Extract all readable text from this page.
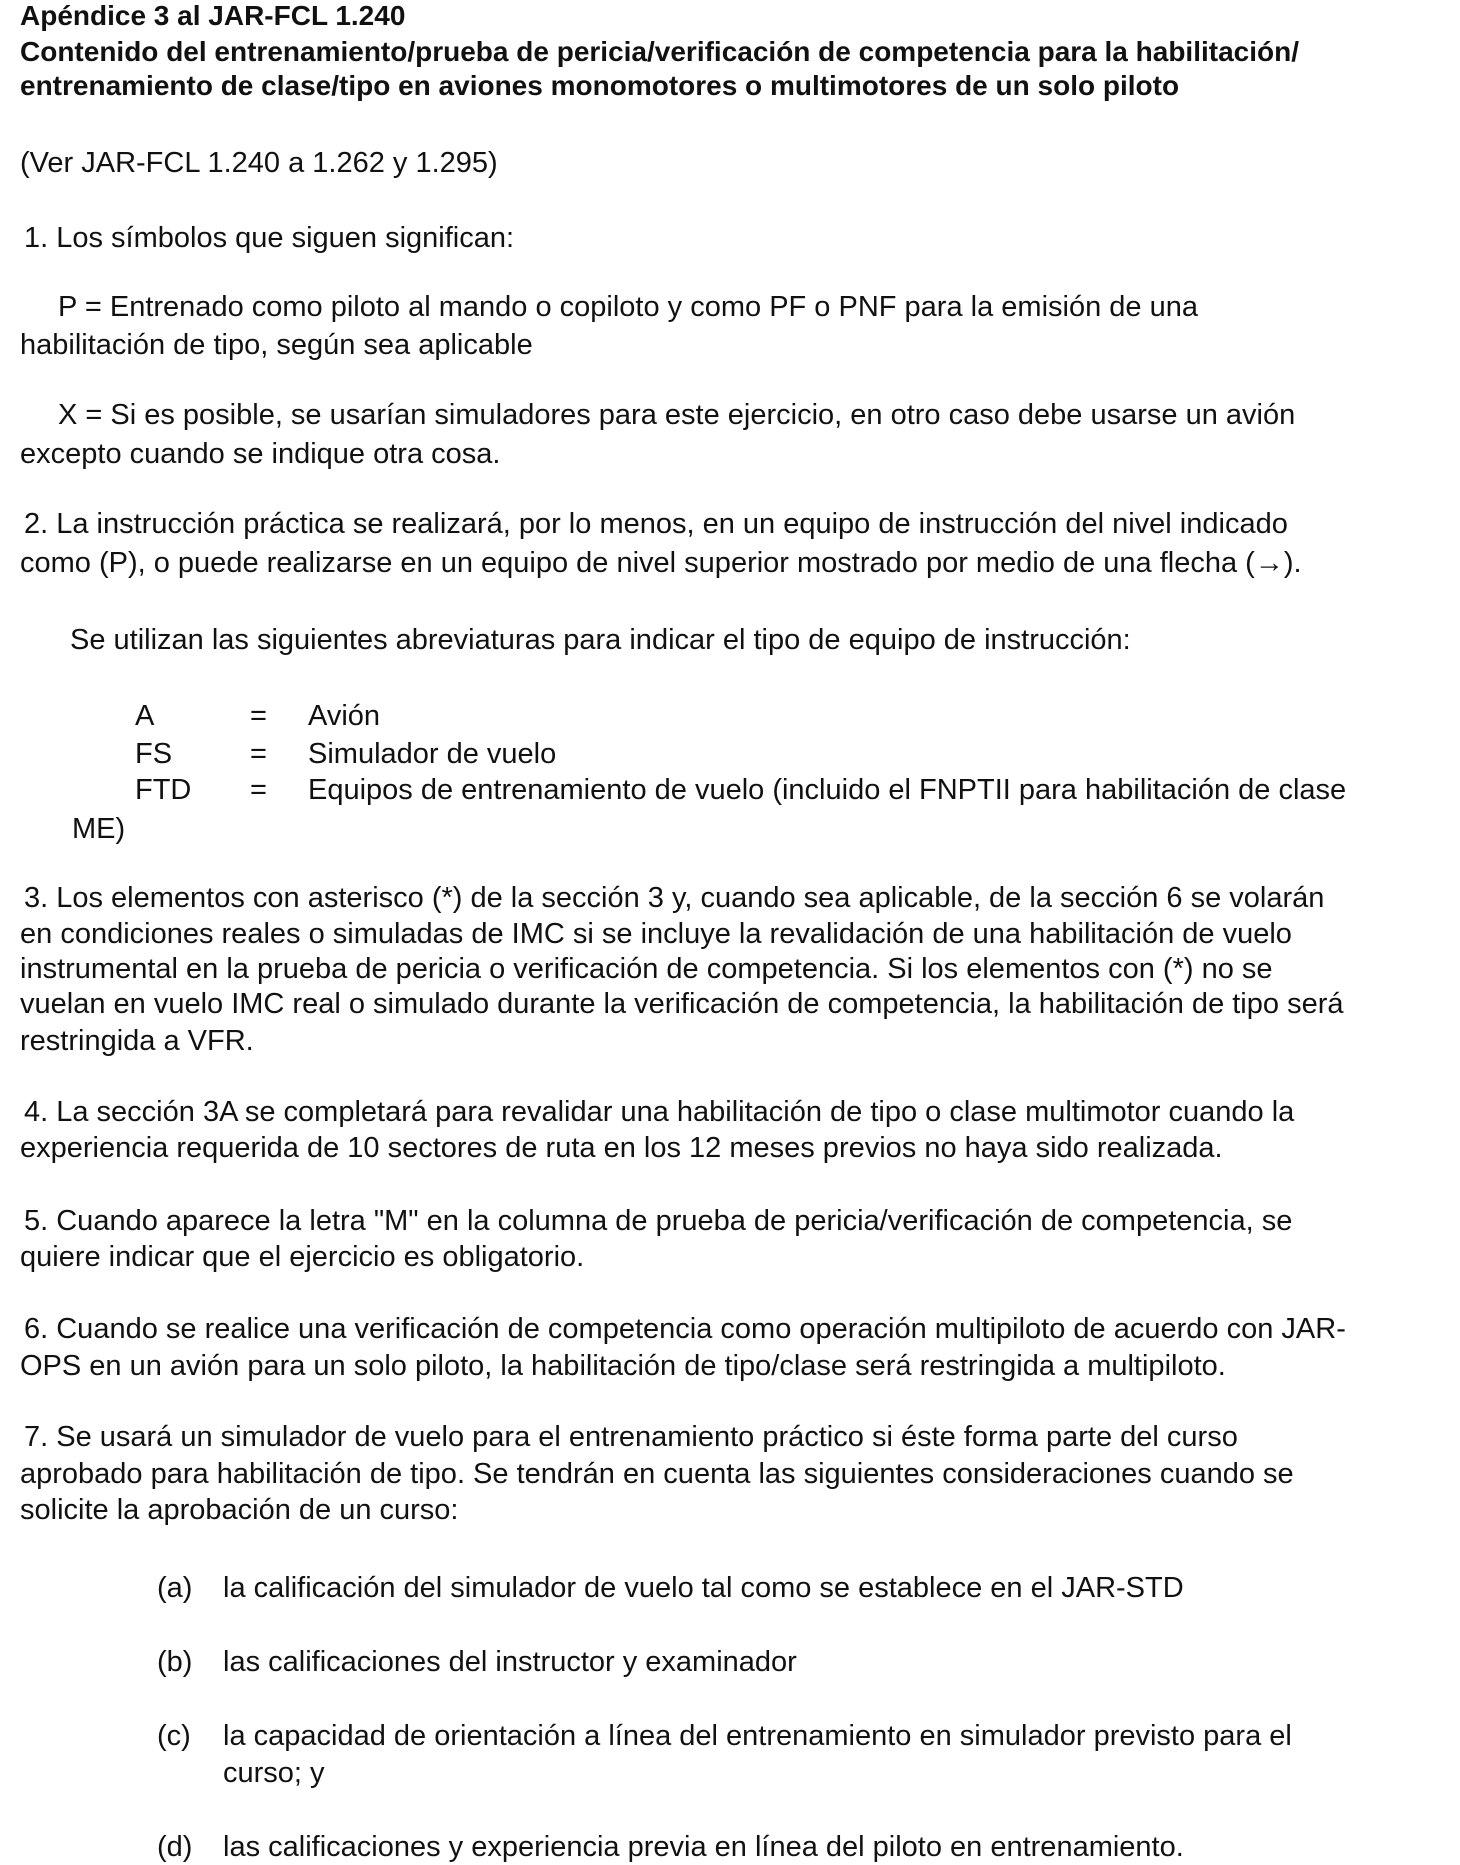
Apéndice 3 al JAR-FCL 1.240
Contenido del entrenamiento/prueba de pericia/verificación de competencia para la habilitación/
entrenamiento de clase/tipo en aviones monomotores o multimotores de un solo piloto
(Ver JAR-FCL 1.240 a 1.262 y 1.295)
1. Los símbolos que siguen significan:
P = Entrenado como piloto al mando o copiloto y como PF o PNF para la emisión de una
habilitación de tipo, según sea aplicable
X = Si es posible, se usarían simuladores para este ejercicio, en otro caso debe usarse un avión
excepto cuando se indique otra cosa.
2. La instrucción práctica se realizará, por lo menos, en un equipo de instrucción del nivel indicado
como (P), o puede realizarse en un equipo de nivel superior mostrado por medio de una flecha (→).
Se utilizan las siguientes abreviaturas para indicar el tipo de equipo de instrucción:
A	= Avión
FS	= Simulador de vuelo
FTD = Equipos de entrenamiento de vuelo (incluido el FNPTII para habilitación de clase
ME)
3. Los elementos con asterisco (*) de la sección 3 y, cuando sea aplicable, de la sección 6 se volarán
en condiciones reales o simuladas de IMC si se incluye la revalidación de una habilitación de vuelo
instrumental en la prueba de pericia o verificación de competencia. Si los elementos con (*) no se
vuelan en vuelo IMC real o simulado durante la verificación de competencia, la habilitación de tipo será
restringida a VFR.
4. La sección 3A se completará para revalidar una habilitación de tipo o clase multimotor cuando la
experiencia requerida de 10 sectores de ruta en los 12 meses previos no haya sido realizada.
5. Cuando aparece la letra "M" en la columna de prueba de pericia/verificación de competencia, se
quiere indicar que el ejercicio es obligatorio.
6. Cuando se realice una verificación de competencia como operación multipiloto de acuerdo con JAR-
OPS en un avión para un solo piloto, la habilitación de tipo/clase será restringida a multipiloto.
7. Se usará un simulador de vuelo para el entrenamiento práctico si éste forma parte del curso
aprobado para habilitación de tipo. Se tendrán en cuenta las siguientes consideraciones cuando se
solicite la aprobación de un curso:
(a) la calificación del simulador de vuelo tal como se establece en el JAR-STD
(b) las calificaciones del instructor y examinador
(c) la capacidad de orientación a línea del entrenamiento en simulador previsto para el
curso; y
(d) las calificaciones y experiencia previa en línea del piloto en entrenamiento.
